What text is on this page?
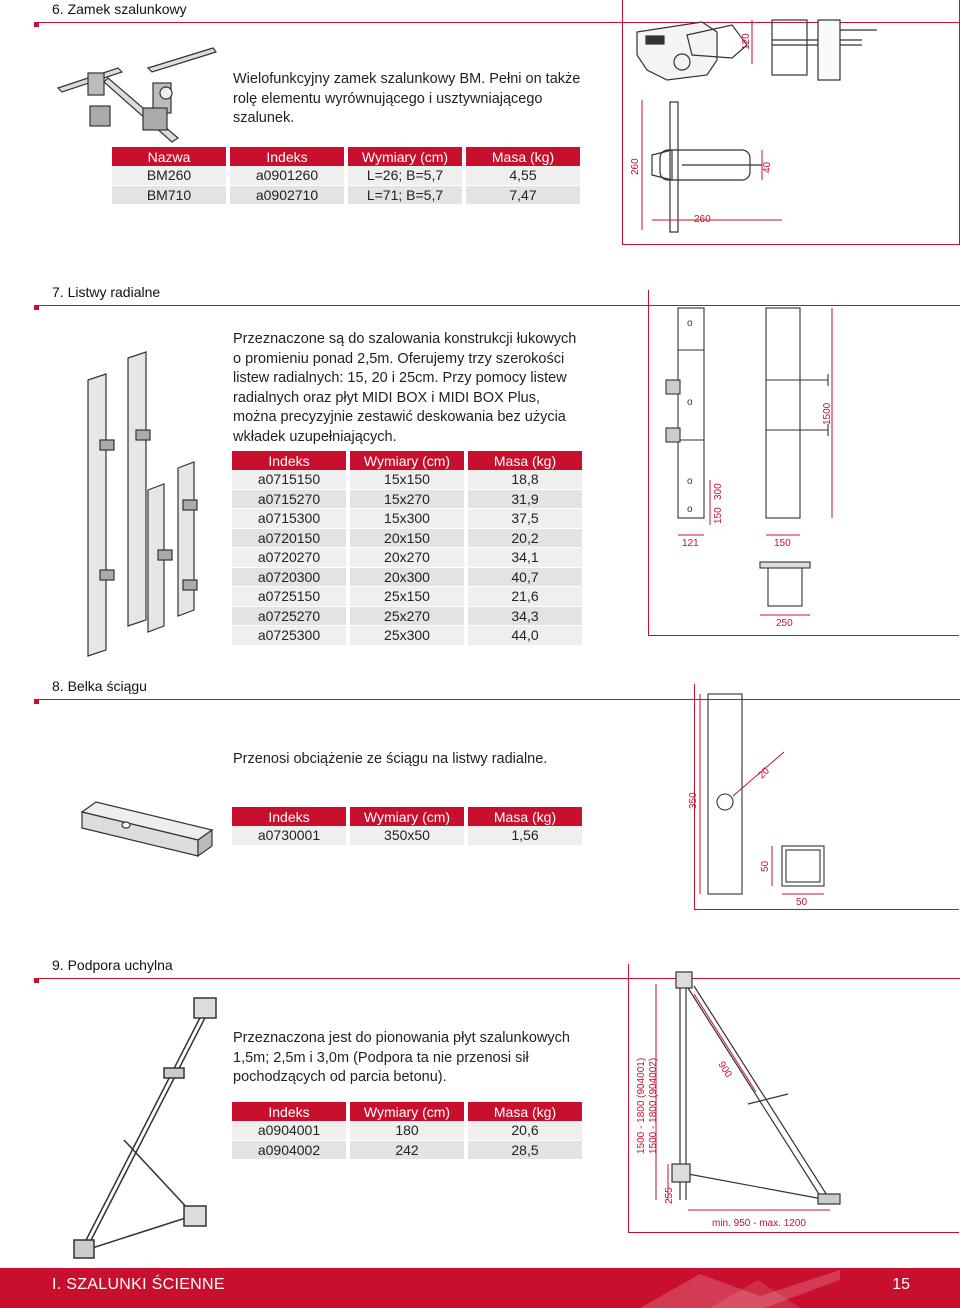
6. Zamek szalunkowy

Wielofunkcyjny zamek szalunkowy BM. Pełni on także

rolę elementu wyrównującego i usztywniającego

szalunek.

Nazwa	Indeks	Wymiary (cm)	Masa (kg)
BM260	a0901260	L=26; B=5,7	4,55
BM710	a0902710	L=71; B=5,7	7,47
120
260	40
260
7. Listwy radialne

Przeznaczone są do szalowania konstrukcji łukowych

o promieniu ponad 2,5m. Oferujemy trzy szerokości

listew radialnych: 15, 20 i 25cm. Przy pomocy listew

radialnych oraz płyt MIDI BOX i MIDI BOX Plus,

można precyzyjnie zestawić deskowania bez użycia

wkładek uzupełniających.

Indeks	Wymiary (cm)	Masa (kg)
a0715150	15x150	18,8
a0715270	15x270	31,9
a0715300	15x300	37,5
a0720150	20x150	20,2
a0720270	20x270	34,1
a0720300	20x300	40,7
a0725150	25x150	21,6
a0725270	25x270	34,3
a0725300	25x300	44,0
o
o
o
o
1500
300
150
121	150
250
8. Belka ściągu

Przenosi obciążenie ze ściągu na listwy radialne.

Indeks	Wymiary (cm)	Masa (kg)
a0730001	350x50	1,56
350
20
50
50
9. Podpora uchylna

Przeznaczona jest do pionowania płyt szalunkowych

1,5m; 2,5m i 3,0m (Podpora ta nie przenosi sił

pochodzących od parcia betonu).

Indeks	Wymiary (cm)	Masa (kg)
a0904001	180	20,6
a0904002	242	28,5	1500 - 1800 (904001) 1500 - 1800 (904002)	900
255
min. 950 - max. 1200
I. SZALUNKI ŚCIENNE	15
